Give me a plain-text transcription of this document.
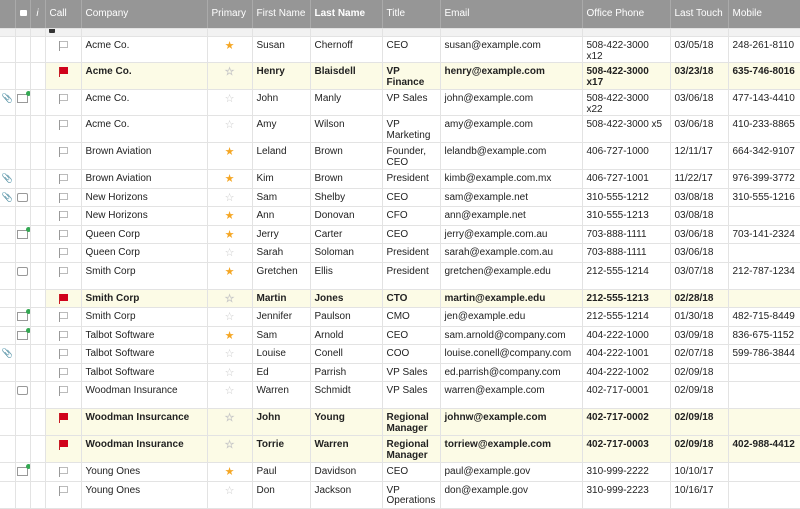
		i	Call	Company	Primary	First Name	Last Name	Title	Email	Office Phone	Last Touch	Mobile

				Acme Co.	★	Susan	Chernoff	CEO	susan@example.com	508-422-3000 x12	03/05/18	248-261-8110
				Acme Co.	☆	Henry	Blaisdell	VP Finance	henry@example.com	508-422-3000 x17	03/23/18	635-746-8016
📎				Acme Co.	☆	John	Manly	VP Sales	john@example.com	508-422-3000 x22	03/06/18	477-143-4410
				Acme Co.	☆	Amy	Wilson	VP Marketing	amy@example.com	508-422-3000 x5	03/06/18	410-233-8865
				Brown Aviation	★	Leland	Brown	Founder, CEO	lelandb@example.com	406-727-1000	12/11/17	664-342-9107
📎				Brown Aviation	★	Kim	Brown	President	kimb@example.com.mx	406-727-1001	11/22/17	976-399-3772
📎				New Horizons	☆	Sam	Shelby	CEO	sam@example.net	310-555-1212	03/08/18	310-555-1216
				New Horizons	★	Ann	Donovan	CFO	ann@example.net	310-555-1213	03/08/18	
				Queen Corp	★	Jerry	Carter	CEO	jerry@example.com.au	703-888-1111	03/06/18	703-141-2324
				Queen Corp	☆	Sarah	Soloman	President	sarah@example.com.au	703-888-1111	03/06/18	
				Smith Corp	★	Gretchen	Ellis	President	gretchen@example.edu	212-555-1214	03/07/18	212-787-1234
				Smith Corp	☆	Martin	Jones	CTO	martin@example.edu	212-555-1213	02/28/18	
				Smith Corp	☆	Jennifer	Paulson	CMO	jen@example.edu	212-555-1214	01/30/18	482-715-8449
				Talbot Software	★	Sam	Arnold	CEO	sam.arnold@company.com	404-222-1000	03/09/18	836-675-1152
📎				Talbot Software	☆	Louise	Conell	COO	louise.conell@company.com	404-222-1001	02/07/18	599-786-3844
				Talbot Software	☆	Ed	Parrish	VP Sales	ed.parrish@company.com	404-222-1002	02/09/18	
				Woodman Insurance	☆	Warren	Schmidt	VP Sales	warren@example.com	402-717-0001	02/09/18	
				Woodman Insurcance	☆	John	Young	Regional Manager	johnw@example.com	402-717-0002	02/09/18	
				Woodman Insurance	☆	Torrie	Warren	Regional Manager	torriew@example.com	402-717-0003	02/09/18	402-988-4412
				Young Ones	★	Paul	Davidson	CEO	paul@example.gov	310-999-2222	10/10/17	
				Young Ones	☆	Don	Jackson	VP Operations	don@example.gov	310-999-2223	10/16/17	
